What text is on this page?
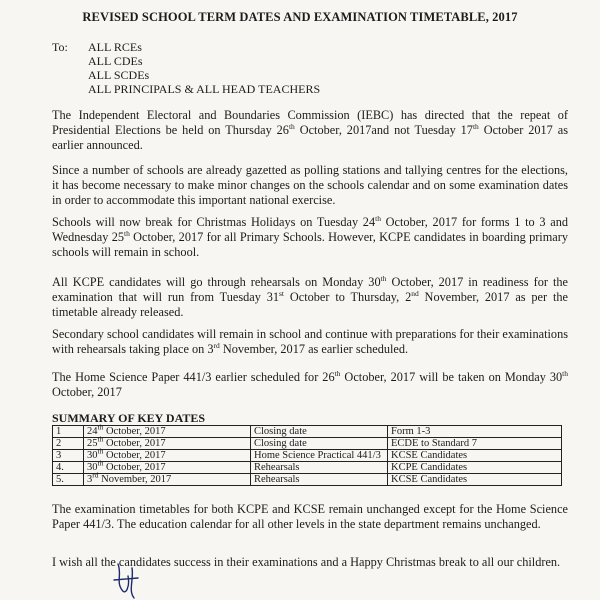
REVISED SCHOOL TERM DATES AND EXAMINATION TIMETABLE, 2017
To:	ALL RCEs
ALL CDEs
ALL SCDEs
ALL PRINCIPALS & ALL HEAD TEACHERS
The Independent Electoral and Boundaries Commission (IEBC) has directed that the repeat of Presidential Elections be held on Thursday 26th October, 2017and not Tuesday 17th October 2017 as earlier announced.
Since a number of schools are already gazetted as polling stations and tallying centres for the elections, it has become necessary to make minor changes on the schools calendar and on some examination dates in order to accommodate this important national exercise.
Schools will now break for Christmas Holidays on Tuesday 24th October, 2017 for forms 1 to 3 and Wednesday 25th October, 2017 for all Primary Schools. However, KCPE candidates in boarding primary schools will remain in school.
All KCPE candidates will go through rehearsals on Monday 30th October, 2017 in readiness for the examination that will run from Tuesday 31st October to Thursday, 2nd November, 2017 as per the timetable already released.
Secondary school candidates will remain in school and continue with preparations for their examinations with rehearsals taking place on 3rd November, 2017 as earlier scheduled.
The Home Science Paper 441/3 earlier scheduled for 26th October, 2017 will be taken on Monday 30th October, 2017
SUMMARY OF KEY DATES
1	24th October, 2017	Closing date	Form 1-3
2	25th October, 2017	Closing date	ECDE to Standard 7
3	30th October, 2017	Home Science Practical 441/3	KCSE Candidates
4.	30th October, 2017	Rehearsals	KCPE Candidates
5.	3rd November, 2017	Rehearsals	KCSE Candidates
The examination timetables for both KCPE and KCSE remain unchanged except for the Home Science Paper 441/3. The education calendar for all other levels in the state department remains unchanged.
I wish all the candidates success in their examinations and a Happy Christmas break to all our children.
